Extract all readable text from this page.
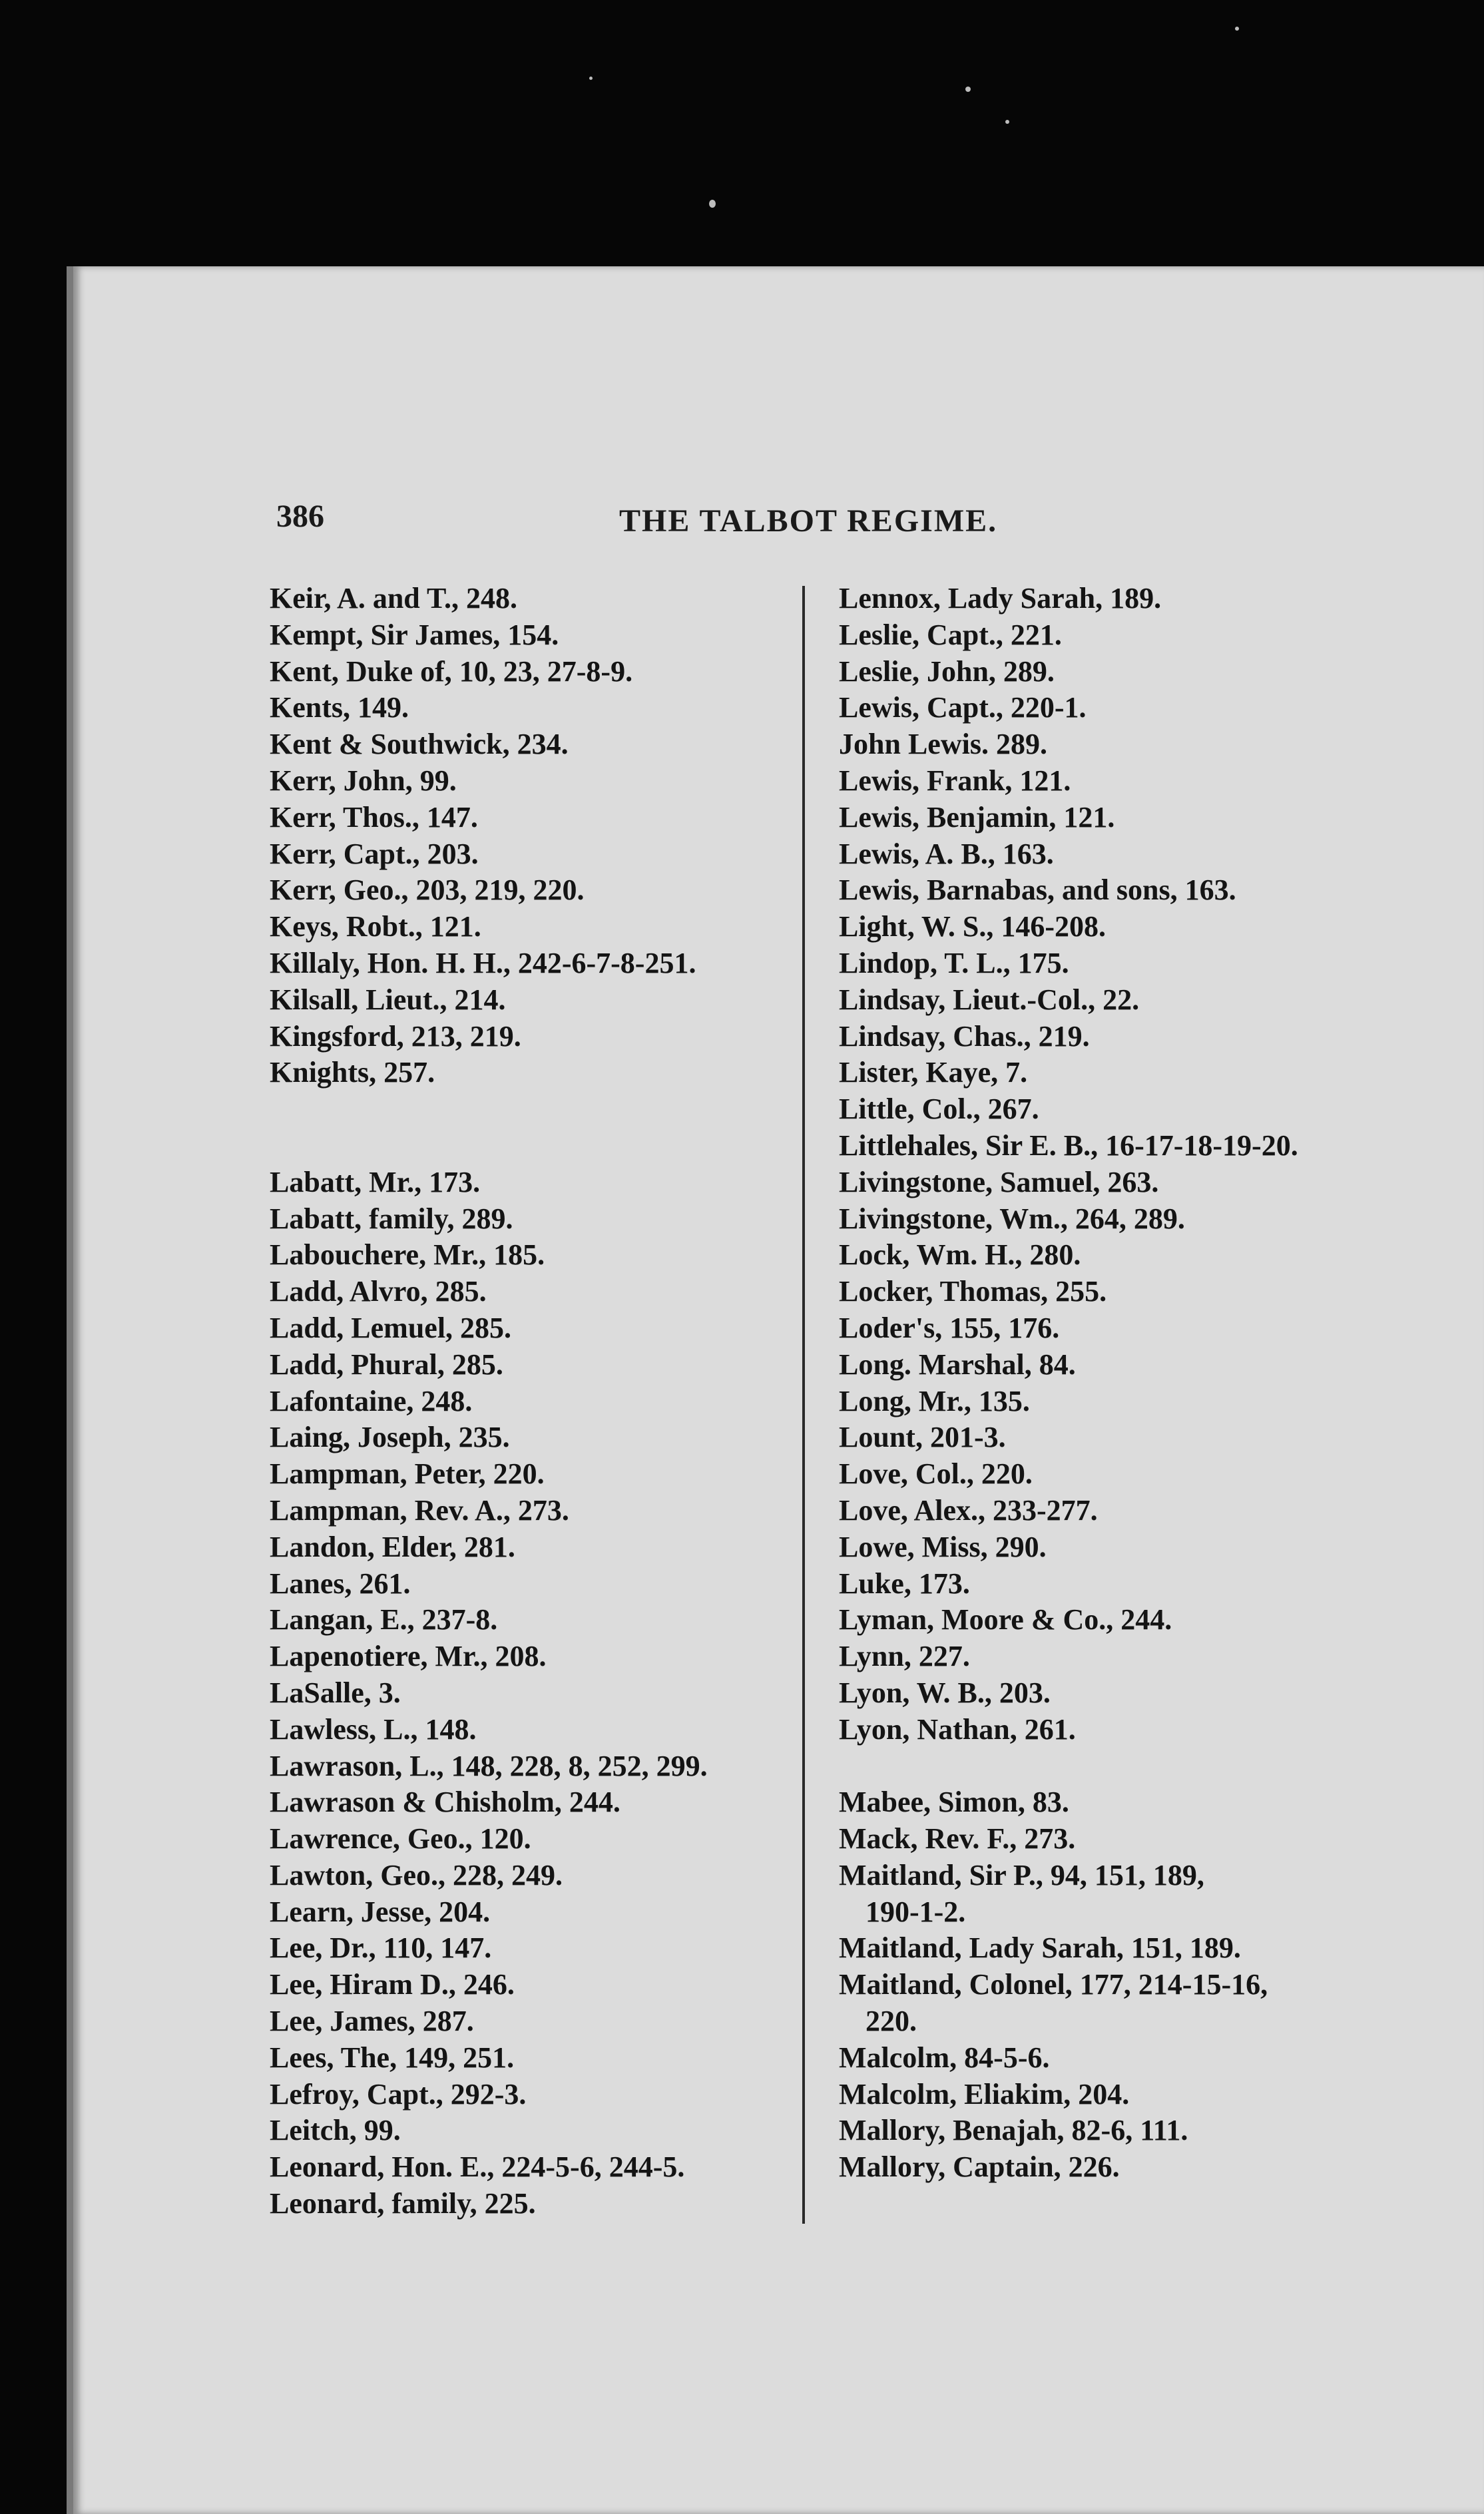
386	THE TALBOT REGIME.
Keir, A. and T., 248.
Kempt, Sir James, 154.
Kent, Duke of, 10, 23, 27-8-9.
Kents, 149.
Kent & Southwick, 234.
Kerr, John, 99.
Kerr, Thos., 147.
Kerr, Capt., 203.
Kerr, Geo., 203, 219, 220.
Keys, Robt., 121.
Killaly, Hon. H. H., 242-6-7-8-251.
Kilsall, Lieut., 214.
Kingsford, 213, 219.
Knights, 257.
Labatt, Mr., 173.
Labatt, family, 289.
Labouchere, Mr., 185.
Ladd, Alvro, 285.
Ladd, Lemuel, 285.
Ladd, Phural, 285.
Lafontaine, 248.
Laing, Joseph, 235.
Lampman, Peter, 220.
Lampman, Rev. A., 273.
Landon, Elder, 281.
Lanes, 261.
Langan, E., 237-8.
Lapenotiere, Mr., 208.
LaSalle, 3.
Lawless, L., 148.
Lawrason, L., 148, 228, 8, 252, 299.
Lawrason & Chisholm, 244.
Lawrence, Geo., 120.
Lawton, Geo., 228, 249.
Learn, Jesse, 204.
Lee, Dr., 110, 147.
Lee, Hiram D., 246.
Lee, James, 287.
Lees, The, 149, 251.
Lefroy, Capt., 292-3.
Leitch, 99.
Leonard, Hon. E., 224-5-6, 244-5.
Leonard, family, 225.
Lennox, Lady Sarah, 189.
Leslie, Capt., 221.
Leslie, John, 289.
Lewis, Capt., 220-1.
John Lewis. 289.
Lewis, Frank, 121.
Lewis, Benjamin, 121.
Lewis, A. B., 163.
Lewis, Barnabas, and sons, 163.
Light, W. S., 146-208.
Lindop, T. L., 175.
Lindsay, Lieut.-Col., 22.
Lindsay, Chas., 219.
Lister, Kaye, 7.
Little, Col., 267.
Littlehales, Sir E. B., 16-17-18-19-20.
Livingstone, Samuel, 263.
Livingstone, Wm., 264, 289.
Lock, Wm. H., 280.
Locker, Thomas, 255.
Loder's, 155, 176.
Long. Marshal, 84.
Long, Mr., 135.
Lount, 201-3.
Love, Col., 220.
Love, Alex., 233-277.
Lowe, Miss, 290.
Luke, 173.
Lyman, Moore & Co., 244.
Lynn, 227.
Lyon, W. B., 203.
Lyon, Nathan, 261.
Mabee, Simon, 83.
Mack, Rev. F., 273.
Maitland, Sir P., 94, 151, 189,
190-1-2.
Maitland, Lady Sarah, 151, 189.
Maitland, Colonel, 177, 214-15-16,
220.
Malcolm, 84-5-6.
Malcolm, Eliakim, 204.
Mallory, Benajah, 82-6, 111.
Mallory, Captain, 226.
